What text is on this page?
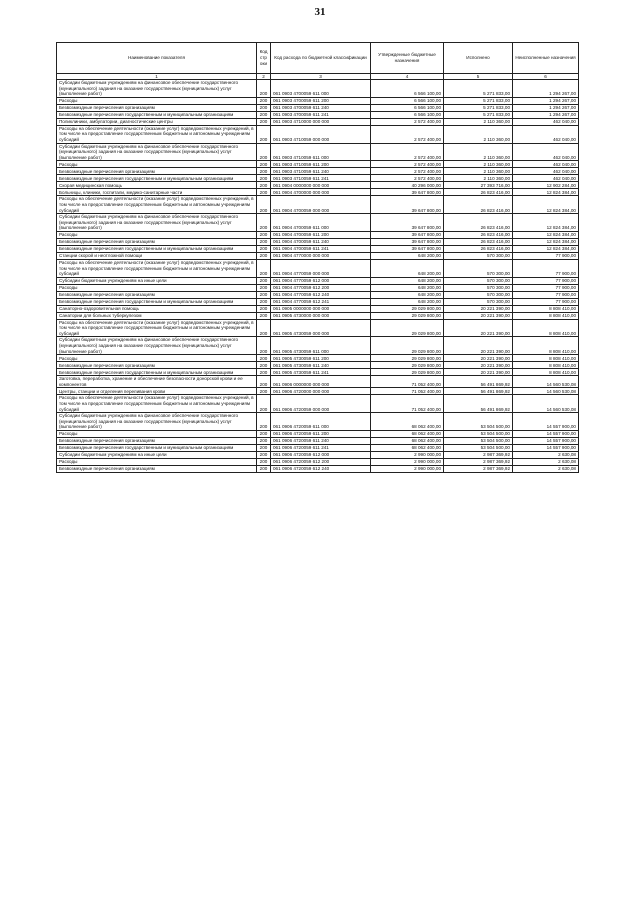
31
Наименование показателя	Код строки	Код расхода по бюджетной классификации	Утвержденные бюджетные назначения	Исполнено	Неисполненные назначения
1	2	3	4	5	6
Субсидии бюджетным учреждениям на финансовое обеспечение государственного (муниципального) задания на оказание государственных (муниципальных) услуг (выполнение работ)	200	061 0903 4700059 611 000	6 566 100,00	5 271 833,00	1 294 267,00
Расходы	200	061 0903 4700059 611 200	6 566 100,00	5 271 833,00	1 294 267,00
Безвозмездные перечисления организациям	200	061 0903 4700059 611 240	6 566 100,00	5 271 833,00	1 294 267,00
Безвозмездные перечисления государственным и муниципальным организациям	200	061 0903 4700059 611 241	6 566 100,00	5 271 833,00	1 294 267,00
Поликлиники, амбулатории, диагностические центры	200	061 0903 4710000 000 000	2 572 400,00	2 110 360,00	462 040,00
Расходы на обеспечение деятельности (оказание услуг) подведомственных учреждений, в том числе на предоставление государственным бюджетным и автономным учреждениям субсидий	200	061 0903 4710059 000 000	2 572 400,00	2 110 360,00	462 040,00
Субсидии бюджетным учреждениям на финансовое обеспечение государственного (муниципального) задания на оказание государственных (муниципальных) услуг (выполнение работ)	200	061 0903 4710059 611 000	2 572 400,00	2 110 360,00	462 040,00
Расходы	200	061 0903 4710059 611 200	2 572 400,00	2 110 360,00	462 040,00
Безвозмездные перечисления организациям	200	061 0903 4710059 611 240	2 572 400,00	2 110 360,00	462 040,00
Безвозмездные перечисления государственным и муниципальным организациям	200	061 0903 4710059 611 241	2 572 400,00	2 110 360,00	462 040,00
Скорая медицинская помощь	200	061 0904 0000000 000 000	40 296 000,00	27 393 716,00	12 902 284,00
Больницы, клиники, госпитали, медико-санитарные части	200	061 0904 4700000 000 000	39 647 800,00	26 823 416,00	12 824 384,00
Расходы на обеспечение деятельности (оказание услуг) подведомственных учреждений, в том числе на предоставление государственным бюджетным и автономным учреждениям субсидий	200	061 0904 4700059 000 000	39 647 800,00	26 823 416,00	12 824 384,00
Субсидии бюджетным учреждениям на финансовое обеспечение государственного (муниципального) задания на оказание государственных (муниципальных) услуг (выполнение работ)	200	061 0904 4700059 611 000	39 647 800,00	26 823 416,00	12 824 384,00
Расходы	200	061 0904 4700059 611 200	39 647 800,00	26 823 416,00	12 824 384,00
Безвозмездные перечисления организациям	200	061 0904 4700059 611 240	39 647 800,00	26 823 416,00	12 824 384,00
Безвозмездные перечисления государственным и муниципальным организациям	200	061 0904 4700059 611 241	39 647 800,00	26 823 416,00	12 824 384,00
Станции скорой и неотложной помощи	200	061 0904 4770000 000 000	648 200,00	570 300,00	77 900,00
Расходы на обеспечение деятельности (оказание услуг) подведомственных учреждений, в том числе на предоставление государственным бюджетным и автономным учреждениям субсидий	200	061 0904 4770059 000 000	648 200,00	570 300,00	77 900,00
Субсидии бюджетным учреждениям на иные цели	200	061 0904 4770059 612 000	648 200,00	570 300,00	77 900,00
Расходы	200	061 0904 4770059 612 200	648 200,00	570 300,00	77 900,00
Безвозмездные перечисления организациям	200	061 0904 4770059 612 240	648 200,00	570 300,00	77 900,00
Безвозмездные перечисления государственным и муниципальным организациям	200	061 0904 4770059 612 241	648 200,00	570 300,00	77 900,00
Санаторно-оздоровительная помощь	200	061 0905 0000000 000 000	29 029 800,00	20 221 390,00	8 808 410,00
Санатории для больных туберкулезом	200	061 0905 4730000 000 000	29 029 800,00	20 221 390,00	8 808 410,00
Расходы на обеспечение деятельности (оказание услуг) подведомственных учреждений, в том числе на предоставление государственным бюджетным и автономным учреждениям субсидий	200	061 0905 4730059 000 000	29 029 800,00	20 221 390,00	8 808 410,00
Субсидии бюджетным учреждениям на финансовое обеспечение государственного (муниципального) задания на оказание государственных (муниципальных) услуг (выполнение работ)	200	061 0905 4730059 611 000	29 029 800,00	20 221 390,00	8 808 410,00
Расходы	200	061 0905 4730059 611 200	29 029 800,00	20 221 390,00	8 808 410,00
Безвозмездные перечисления организациям	200	061 0905 4730059 611 240	29 029 800,00	20 221 390,00	8 808 410,00
Безвозмездные перечисления государственным и муниципальным организациям	200	061 0905 4730059 611 241	29 029 800,00	20 221 390,00	8 808 410,00
Заготовка, переработка, хранение и обеспечение безопасности донорской крови и ее компонентов	200	061 0906 0000000 000 000	71 052 400,00	56 491 869,92	14 560 530,08
Центры, станции и отделения переливания крови	200	061 0906 4720000 000 000	71 052 400,00	56 491 869,92	14 560 530,08
Расходы на обеспечение деятельности (оказание услуг) подведомственных учреждений, в том числе на предоставление государственным бюджетным и автономным учреждениям субсидий	200	061 0906 4720059 000 000	71 052 400,00	56 491 869,92	14 560 530,08
Субсидии бюджетным учреждениям на финансовое обеспечение государственного (муниципального) задания на оказание государственных (муниципальных) услуг (выполнение работ)	200	061 0906 4720059 611 000	68 062 400,00	53 504 500,00	14 557 900,00
Расходы	200	061 0906 4720059 611 200	68 062 400,00	53 504 500,00	14 557 900,00
Безвозмездные перечисления организациям	200	061 0906 4720059 611 240	68 062 400,00	53 504 500,00	14 557 900,00
Безвозмездные перечисления государственным и муниципальным организациям	200	061 0906 4720059 611 241	68 062 400,00	53 504 500,00	14 557 900,00
Субсидии бюджетным учреждениям на иные цели	200	061 0906 4720059 612 000	2 990 000,00	2 987 369,92	2 630,08
Расходы	200	061 0906 4720059 612 200	2 990 000,00	2 987 369,92	2 630,08
Безвозмездные перечисления организациям	200	061 0906 4720059 612 240	2 990 000,00	2 987 369,92	2 630,08
